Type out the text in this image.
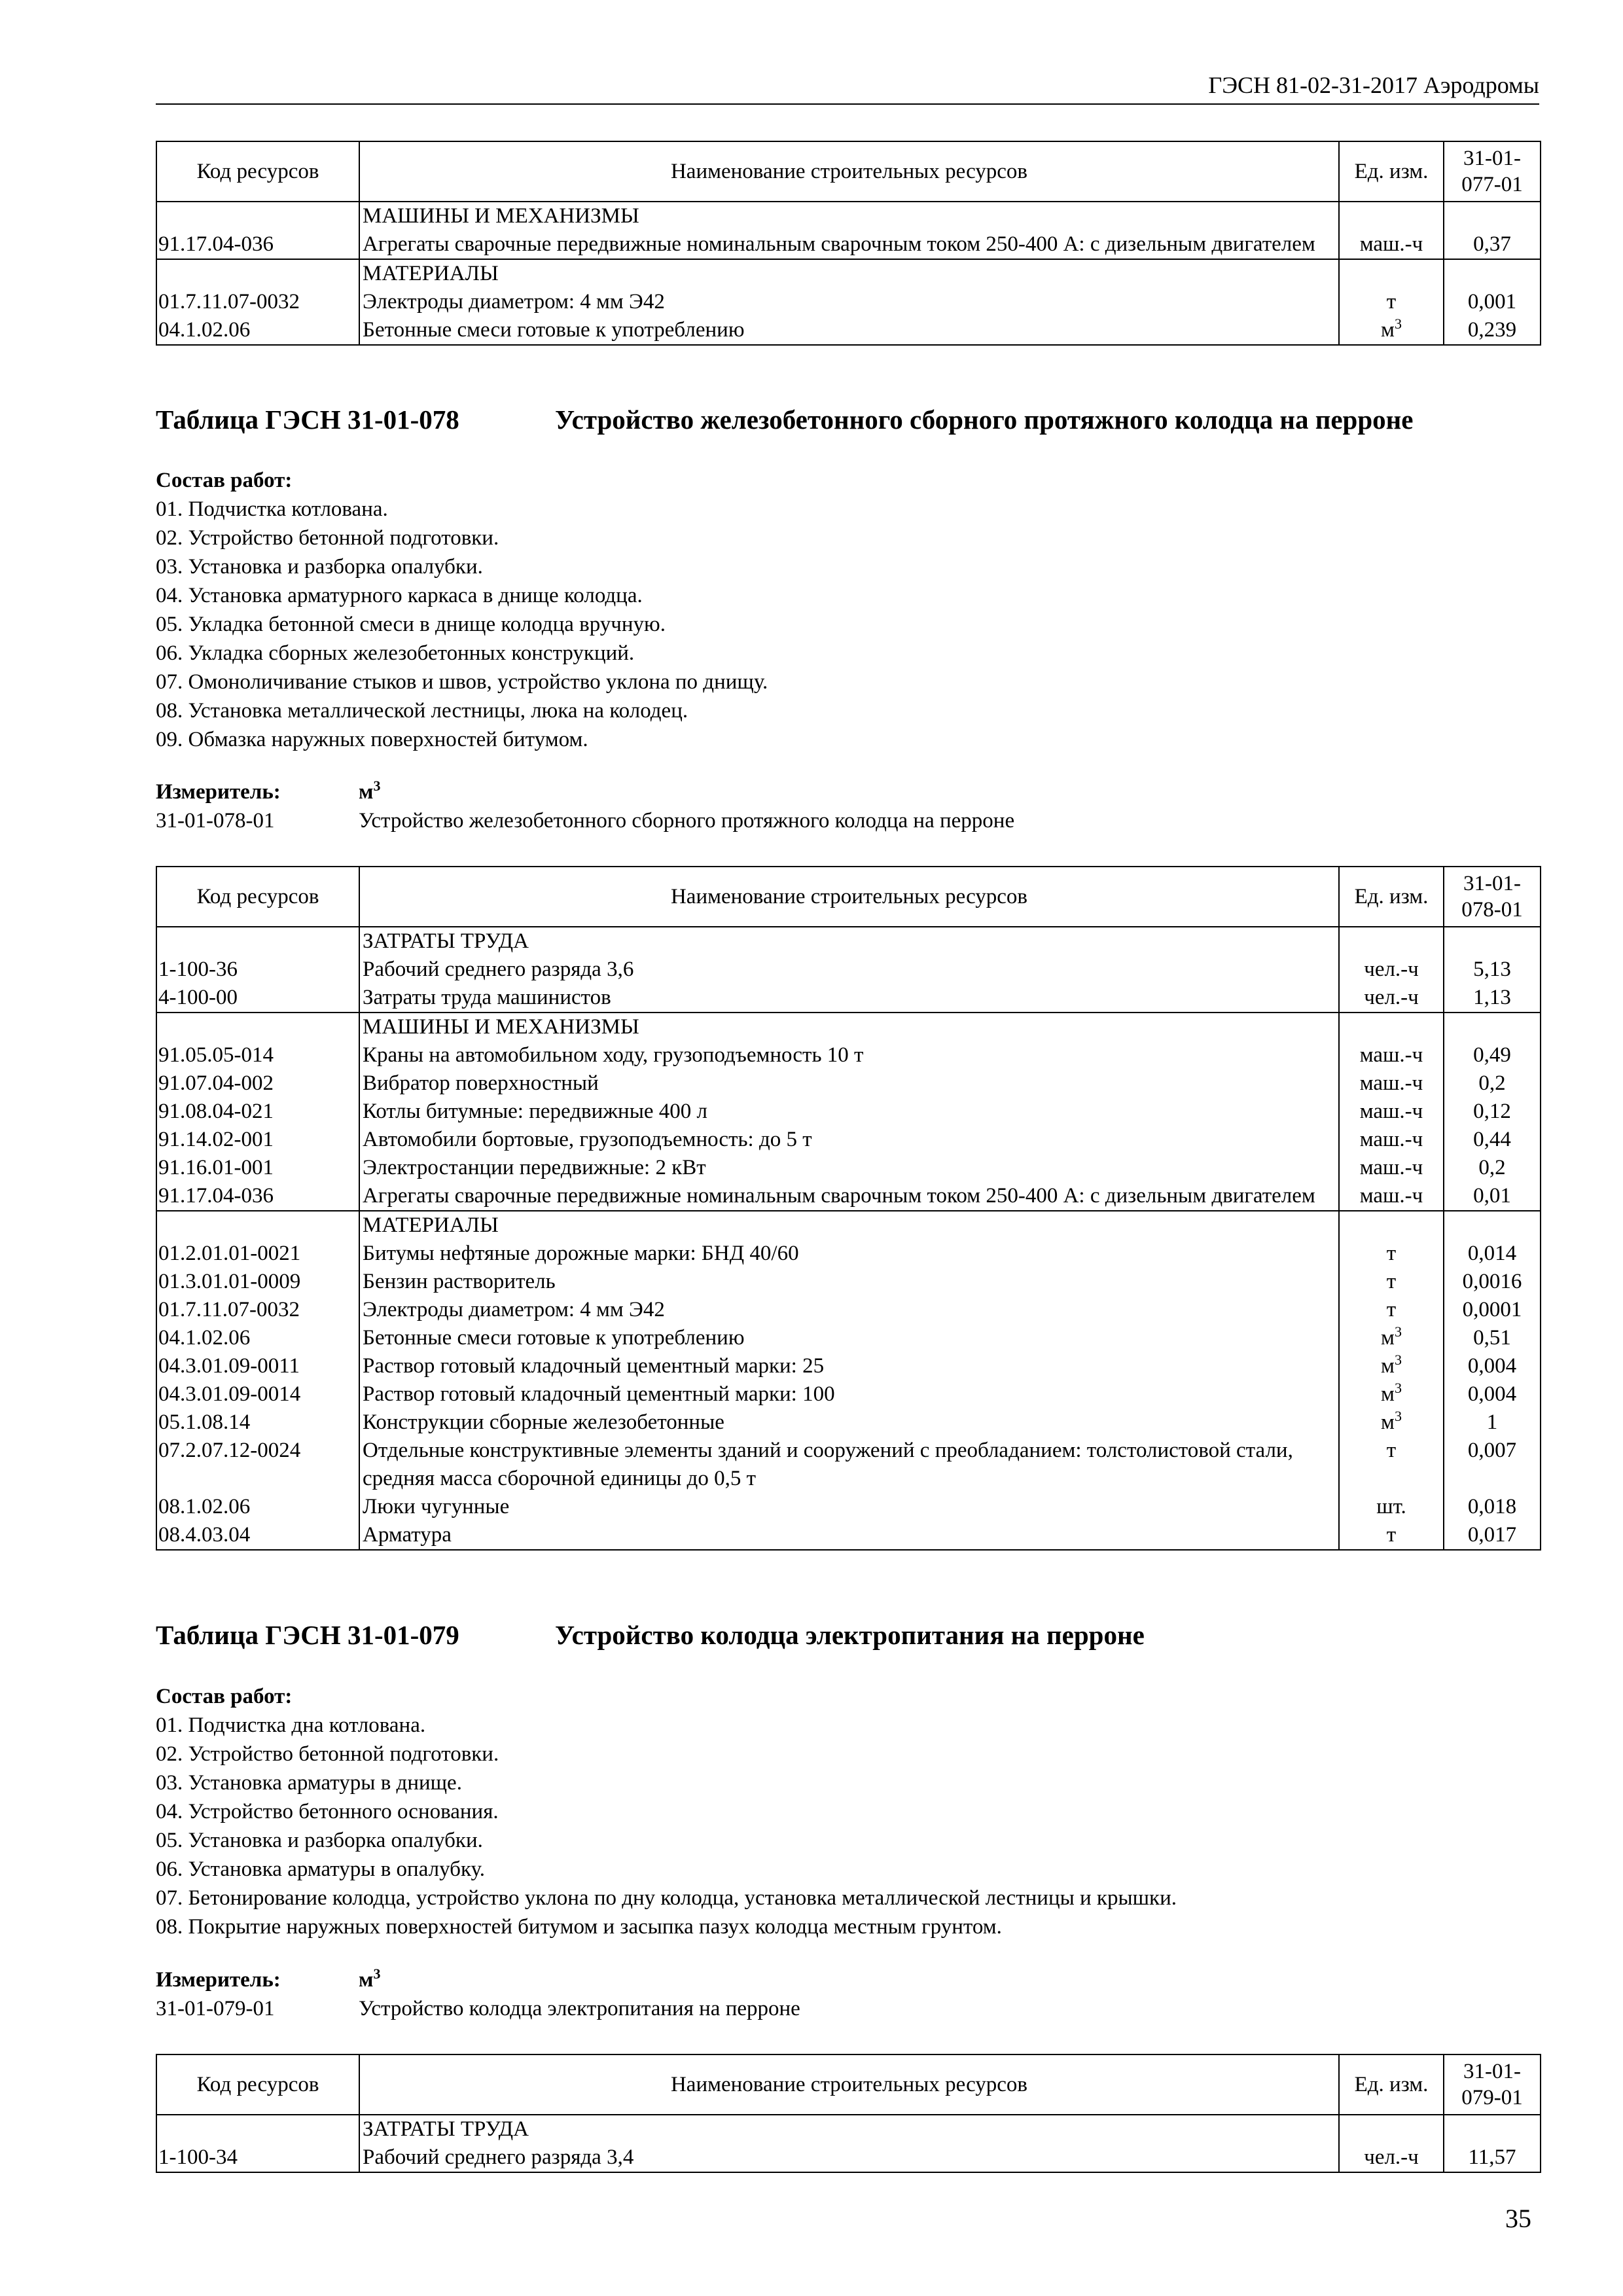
ГЭСН 81-02-31-2017 Аэродромы
Код ресурсов	Наименование строительных ресурсов	Ед. изм.	31-01-077-01
	МАШИНЫ И МЕХАНИЗМЫ		
91.17.04-036	Агрегаты сварочные передвижные номинальным сварочным током 250-400 А: с дизельным двигателем	маш.-ч	0,37
	МАТЕРИАЛЫ		
01.7.11.07-0032	Электроды диаметром: 4 мм Э42	т	0,001
04.1.02.06	Бетонные смеси готовые к употреблению	$м^3$	0,239
Таблица ГЭСН 31-01-078	Устройство железобетонного сборного протяжного колодца на перроне
Состав работ:
01. Подчистка котлована.
02. Устройство бетонной подготовки.
03. Установка и разборка опалубки.
04. Установка арматурного каркаса в днище колодца.
05. Укладка бетонной смеси в днище колодца вручную.
06. Укладка сборных железобетонных конструкций.
07. Омоноличивание стыков и швов, устройство уклона по днищу.
08. Установка металлической лестницы, люка на колодец.
09. Обмазка наружных поверхностей битумом.
Измеритель:	$м^3$
31-01-078-01	Устройство железобетонного сборного протяжного колодца на перроне
Код ресурсов	Наименование строительных ресурсов	Ед. изм.	31-01-078-01
	ЗАТРАТЫ ТРУДА		
1-100-36	Рабочий среднего разряда 3,6	чел.-ч	5,13
4-100-00	Затраты труда машинистов	чел.-ч	1,13
	МАШИНЫ И МЕХАНИЗМЫ		
91.05.05-014	Краны на автомобильном ходу, грузоподъемность 10 т	маш.-ч	0,49
91.07.04-002	Вибратор поверхностный	маш.-ч	0,2
91.08.04-021	Котлы битумные: передвижные 400 л	маш.-ч	0,12
91.14.02-001	Автомобили бортовые, грузоподъемность: до 5 т	маш.-ч	0,44
91.16.01-001	Электростанции передвижные: 2 кВт	маш.-ч	0,2
91.17.04-036	Агрегаты сварочные передвижные номинальным сварочным током 250-400 А: с дизельным двигателем	маш.-ч	0,01
	МАТЕРИАЛЫ		
01.2.01.01-0021	Битумы нефтяные дорожные марки: БНД 40/60	т	0,014
01.3.01.01-0009	Бензин растворитель	т	0,0016
01.7.11.07-0032	Электроды диаметром: 4 мм Э42	т	0,0001
04.1.02.06	Бетонные смеси готовые к употреблению	$м^3$	0,51
04.3.01.09-0011	Раствор готовый кладочный цементный марки: 25	$м^3$	0,004
04.3.01.09-0014	Раствор готовый кладочный цементный марки: 100	$м^3$	0,004
05.1.08.14	Конструкции сборные железобетонные	$м^3$	1
07.2.07.12-0024	Отдельные конструктивные элементы зданий и сооружений с преобладанием: толстолистовой стали, средняя масса сборочной единицы до 0,5 т	т	0,007
08.1.02.06	Люки чугунные	шт.	0,018
08.4.03.04	Арматура	т	0,017
Таблица ГЭСН 31-01-079	Устройство колодца электропитания на перроне
Состав работ:
01. Подчистка дна котлована.
02. Устройство бетонной подготовки.
03. Установка арматуры в днище.
04. Устройство бетонного основания.
05. Установка и разборка опалубки.
06. Установка арматуры в опалубку.
07. Бетонирование колодца, устройство уклона по дну колодца, установка металлической лестницы и крышки.
08. Покрытие наружных поверхностей битумом и засыпка пазух колодца местным грунтом.
Измеритель:	$м^3$
31-01-079-01	Устройство колодца электропитания на перроне
Код ресурсов	Наименование строительных ресурсов	Ед. изм.	31-01-079-01
	ЗАТРАТЫ ТРУДА		
1-100-34	Рабочий среднего разряда 3,4	чел.-ч	11,57
35
